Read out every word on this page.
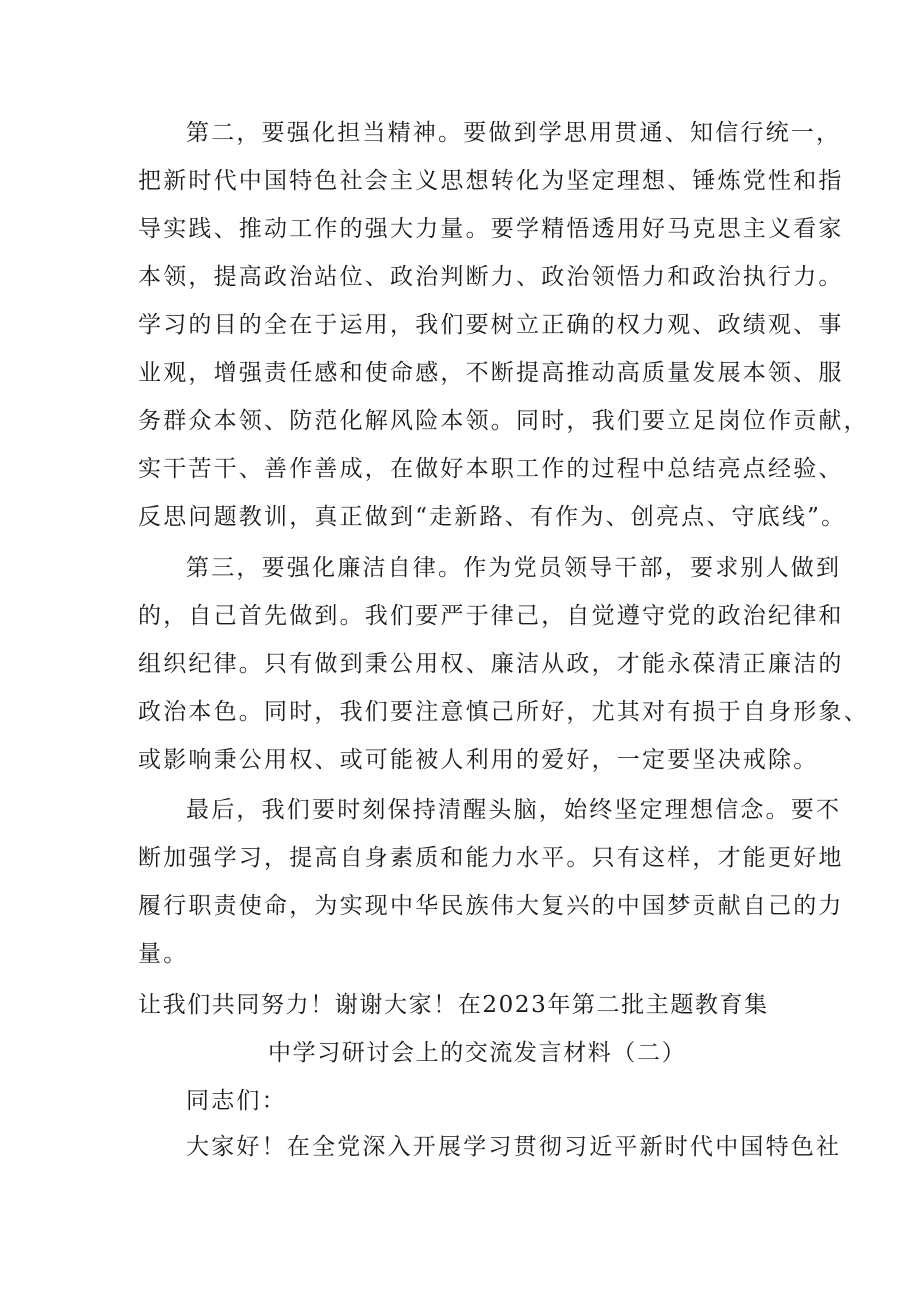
第二，要强化担当精神。要做到学思用贯通、知信行统一，
把新时代中国特色社会主义思想转化为坚定理想、锤炼党性和指
导实践、推动工作的强大力量。要学精悟透用好马克思主义看家
本领，提高政治站位、政治判断力、政治领悟力和政治执行力。
学习的目的全在于运用，我们要树立正确的权力观、政绩观、事
业观，增强责任感和使命感，不断提高推动高质量发展本领、服
务群众本领、防范化解风险本领。同时，我们要立足岗位作贡献，
实干苦干、善作善成，在做好本职工作的过程中总结亮点经验、
反思问题教训，真正做到“走新路、有作为、创亮点、守底线”。
第三，要强化廉洁自律。作为党员领导干部，要求别人做到
的，自己首先做到。我们要严于律己，自觉遵守党的政治纪律和
组织纪律。只有做到秉公用权、廉洁从政，才能永葆清正廉洁的
政治本色。同时，我们要注意慎己所好，尤其对有损于自身形象、
或影响秉公用权、或可能被人利用的爱好，一定要坚决戒除。
最后，我们要时刻保持清醒头脑，始终坚定理想信念。要不
断加强学习，提高自身素质和能力水平。只有这样，才能更好地
履行职责使命，为实现中华民族伟大复兴的中国梦贡献自己的力
量。
让我们共同努力！谢谢大家！在2023年第二批主题教育集
中学习研讨会上的交流发言材料（二）
同志们：
大家好！在全党深入开展学习贯彻习近平新时代中国特色社
